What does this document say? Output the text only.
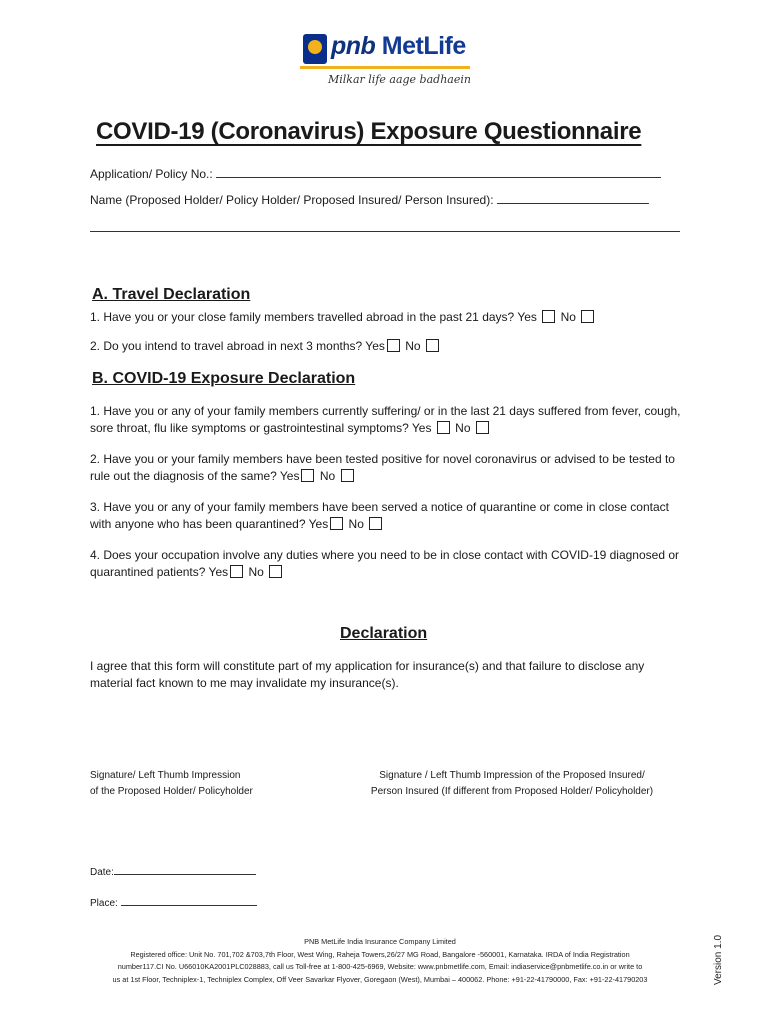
pnb MetLife
Milkar life aage badhaein
COVID-19 (Coronavirus) Exposure Questionnaire
Application/ Policy No.:
Name (Proposed Holder/ Policy Holder/ Proposed Insured/ Person Insured):
A. Travel Declaration
1. Have you or your close family members travelled abroad in the past 21 days? Yes No
2. Do you intend to travel abroad in next 3 months? Yes No
B. COVID-19 Exposure Declaration
1. Have you or any of your family members currently suffering/ or in the last 21 days suffered from fever, cough, sore throat, flu like symptoms or gastrointestinal symptoms? Yes No
2. Have you or your family members have been tested positive for novel coronavirus or advised to be tested to rule out the diagnosis of the same? Yes No
3. Have you or any of your family members have been served a notice of quarantine or come in close contact with anyone who has been quarantined? Yes No
4. Does your occupation involve any duties where you need to be in close contact with COVID-19 diagnosed or quarantined patients? Yes No
Declaration
I agree that this form will constitute part of my application for insurance(s) and that failure to disclose any material fact known to me may invalidate my insurance(s).
Signature/ Left Thumb Impression
of the Proposed Holder/ Policyholder
Signature / Left Thumb Impression of the Proposed Insured/
Person Insured (If different from Proposed Holder/ Policyholder)
Date:
Place:
PNB MetLife India Insurance Company Limited
Registered office: Unit No. 701,702 &703,7th Floor, West Wing, Raheja Towers,26/27 MG Road, Bangalore -560001, Karnataka. IRDA of India Registration
number117.CI No. U66010KA2001PLC028883, call us Toll-free at 1-800-425-6969, Website: www.pnbmetlife.com, Email: indiaservice@pnbmetlife.co.in or write to
us at 1st Floor, Techniplex-1, Techniplex Complex, Off Veer Savarkar Flyover, Goregaon (West), Mumbai – 400062. Phone: +91-22-41790000, Fax: +91-22-41790203	Version 1.0
